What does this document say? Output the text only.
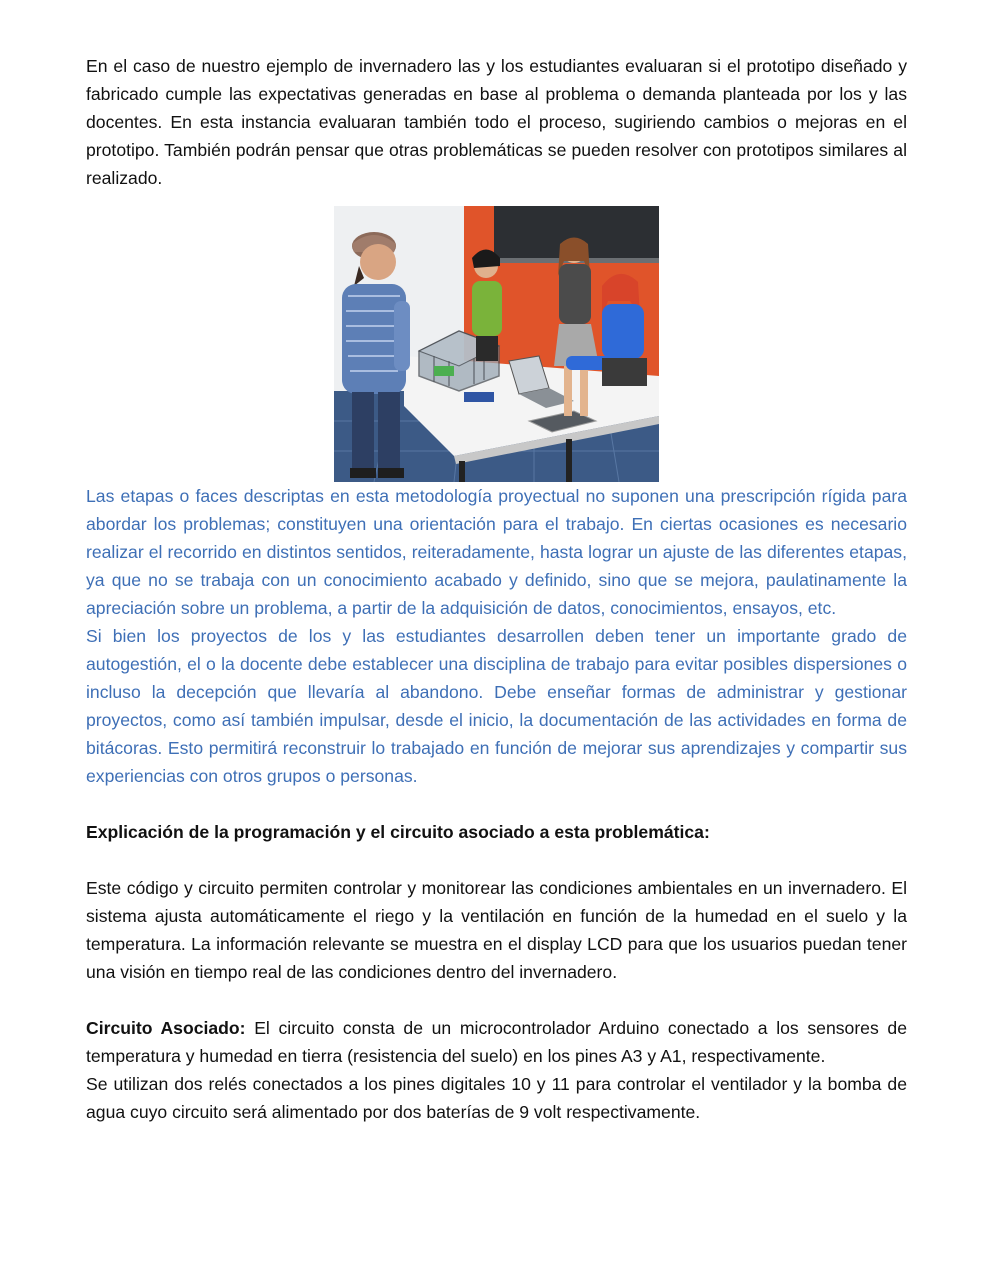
En el caso de nuestro ejemplo de invernadero las y los estudiantes evaluaran si el prototipo diseñado y fabricado cumple las expectativas generadas en base al problema o demanda planteada por los y las docentes. En esta instancia evaluaran también todo el proceso, sugiriendo cambios o mejoras en el prototipo. También podrán pensar que otras problemáticas se pueden resolver con prototipos similares al realizado.

Las etapas o faces descriptas en esta metodología proyectual no suponen una prescripción rígida para abordar los problemas; constituyen una orientación para el trabajo. En ciertas ocasiones es necesario realizar el recorrido en distintos sentidos, reiteradamente, hasta lograr un ajuste de las diferentes etapas, ya que no se trabaja con un conocimiento acabado y definido, sino que se mejora, paulatinamente la apreciación sobre un problema, a partir de la adquisición de datos, conocimientos, ensayos, etc.

Si bien los proyectos de los y las estudiantes desarrollen deben tener un importante grado de autogestión, el o la docente debe establecer una disciplina de trabajo para evitar posibles dispersiones o incluso la decepción que llevaría al abandono. Debe enseñar formas de administrar y gestionar proyectos, como así también impulsar, desde el inicio, la documentación de las actividades en forma de bitácoras. Esto permitirá reconstruir lo trabajado en función de mejorar sus aprendizajes y compartir sus experiencias con otros grupos o personas.

Explicación de la programación y el circuito asociado a esta problemática:

Este código y circuito permiten controlar y monitorear las condiciones ambientales en un invernadero. El sistema ajusta automáticamente el riego y la ventilación en función de la humedad en el suelo y la temperatura. La información relevante se muestra en el display LCD para que los usuarios puedan tener una visión en tiempo real de las condiciones dentro del invernadero.

Circuito Asociado: El circuito consta de un microcontrolador Arduino conectado a los sensores de temperatura y humedad en tierra (resistencia del suelo) en los pines A3 y A1, respectivamente.

Se utilizan dos relés conectados a los pines digitales 10 y 11 para controlar el ventilador y la bomba de agua cuyo circuito será alimentado por dos baterías de 9 volt respectivamente.
